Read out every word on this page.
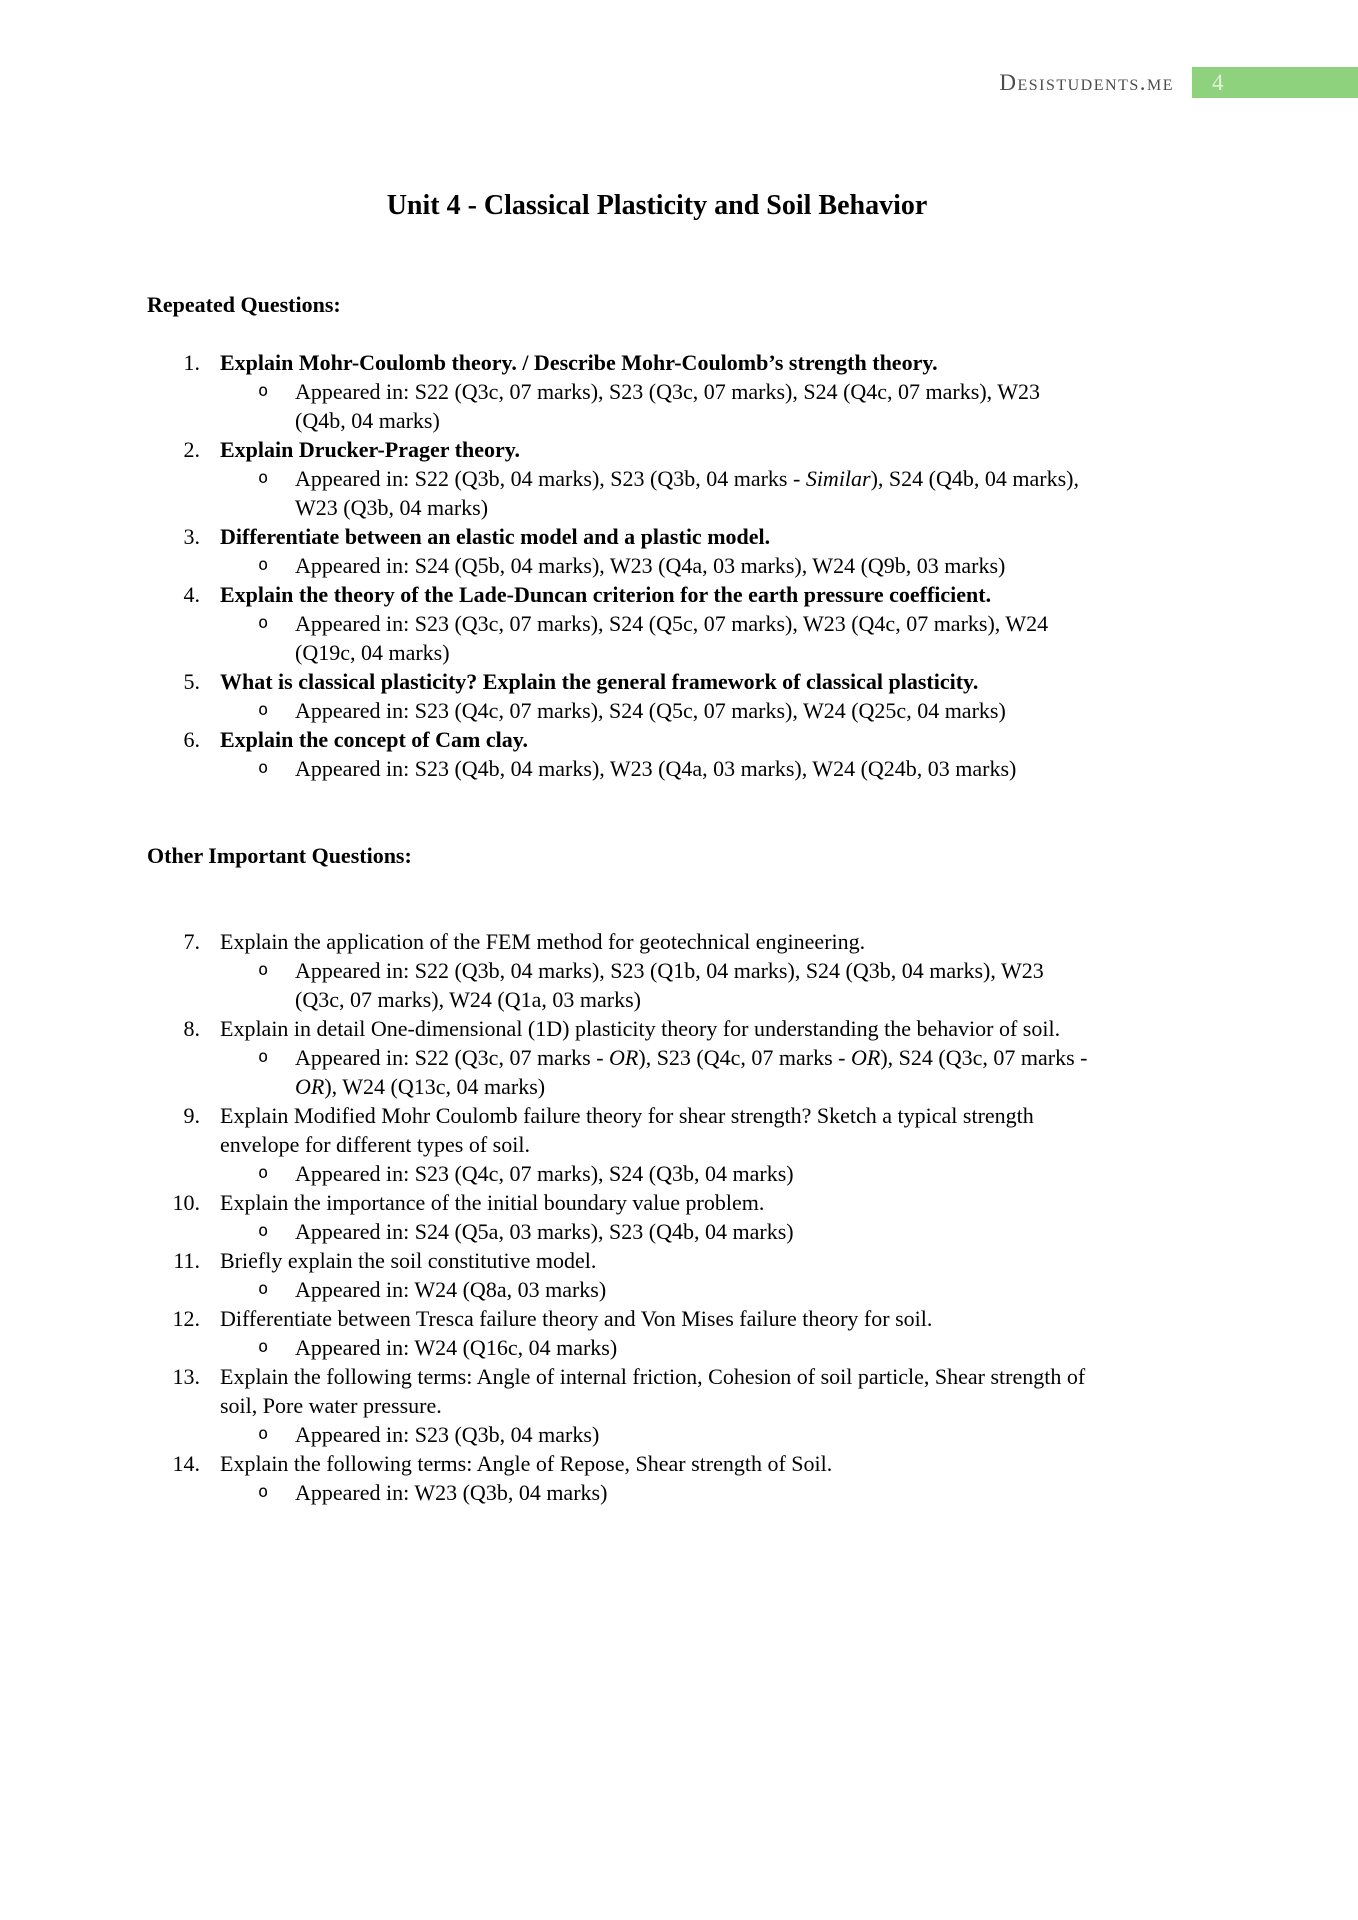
Desistudents.me 4
Unit 4 - Classical Plasticity and Soil Behavior
Repeated Questions:
1. Explain Mohr-Coulomb theory. / Describe Mohr-Coulomb’s strength theory.
o	Appeared in: S22 (Q3c, 07 marks), S23 (Q3c, 07 marks), S24 (Q4c, 07 marks), W23 (Q4b, 04 marks)
2. Explain Drucker-Prager theory.
o	Appeared in: S22 (Q3b, 04 marks), S23 (Q3b, 04 marks - Similar), S24 (Q4b, 04 marks), W23 (Q3b, 04 marks)
3. Differentiate between an elastic model and a plastic model.
o	Appeared in: S24 (Q5b, 04 marks), W23 (Q4a, 03 marks), W24 (Q9b, 03 marks)
4. Explain the theory of the Lade-Duncan criterion for the earth pressure coefficient.
o	Appeared in: S23 (Q3c, 07 marks), S24 (Q5c, 07 marks), W23 (Q4c, 07 marks), W24 (Q19c, 04 marks)
5. What is classical plasticity? Explain the general framework of classical plasticity.
o	Appeared in: S23 (Q4c, 07 marks), S24 (Q5c, 07 marks), W24 (Q25c, 04 marks)
6. Explain the concept of Cam clay.
o	Appeared in: S23 (Q4b, 04 marks), W23 (Q4a, 03 marks), W24 (Q24b, 03 marks)
Other Important Questions:
7. Explain the application of the FEM method for geotechnical engineering.
o	Appeared in: S22 (Q3b, 04 marks), S23 (Q1b, 04 marks), S24 (Q3b, 04 marks), W23 (Q3c, 07 marks), W24 (Q1a, 03 marks)
8. Explain in detail One-dimensional (1D) plasticity theory for understanding the behavior of soil.
o	Appeared in: S22 (Q3c, 07 marks - OR), S23 (Q4c, 07 marks - OR), S24 (Q3c, 07 marks - OR), W24 (Q13c, 04 marks)
9. Explain Modified Mohr Coulomb failure theory for shear strength? Sketch a typical strength envelope for different types of soil.
o	Appeared in: S23 (Q4c, 07 marks), S24 (Q3b, 04 marks)
10. Explain the importance of the initial boundary value problem.
o	Appeared in: S24 (Q5a, 03 marks), S23 (Q4b, 04 marks)
11. Briefly explain the soil constitutive model.
o	Appeared in: W24 (Q8a, 03 marks)
12. Differentiate between Tresca failure theory and Von Mises failure theory for soil.
o	Appeared in: W24 (Q16c, 04 marks)
13. Explain the following terms: Angle of internal friction, Cohesion of soil particle, Shear strength of soil, Pore water pressure.
o	Appeared in: S23 (Q3b, 04 marks)
14. Explain the following terms: Angle of Repose, Shear strength of Soil.
o	Appeared in: W23 (Q3b, 04 marks)
